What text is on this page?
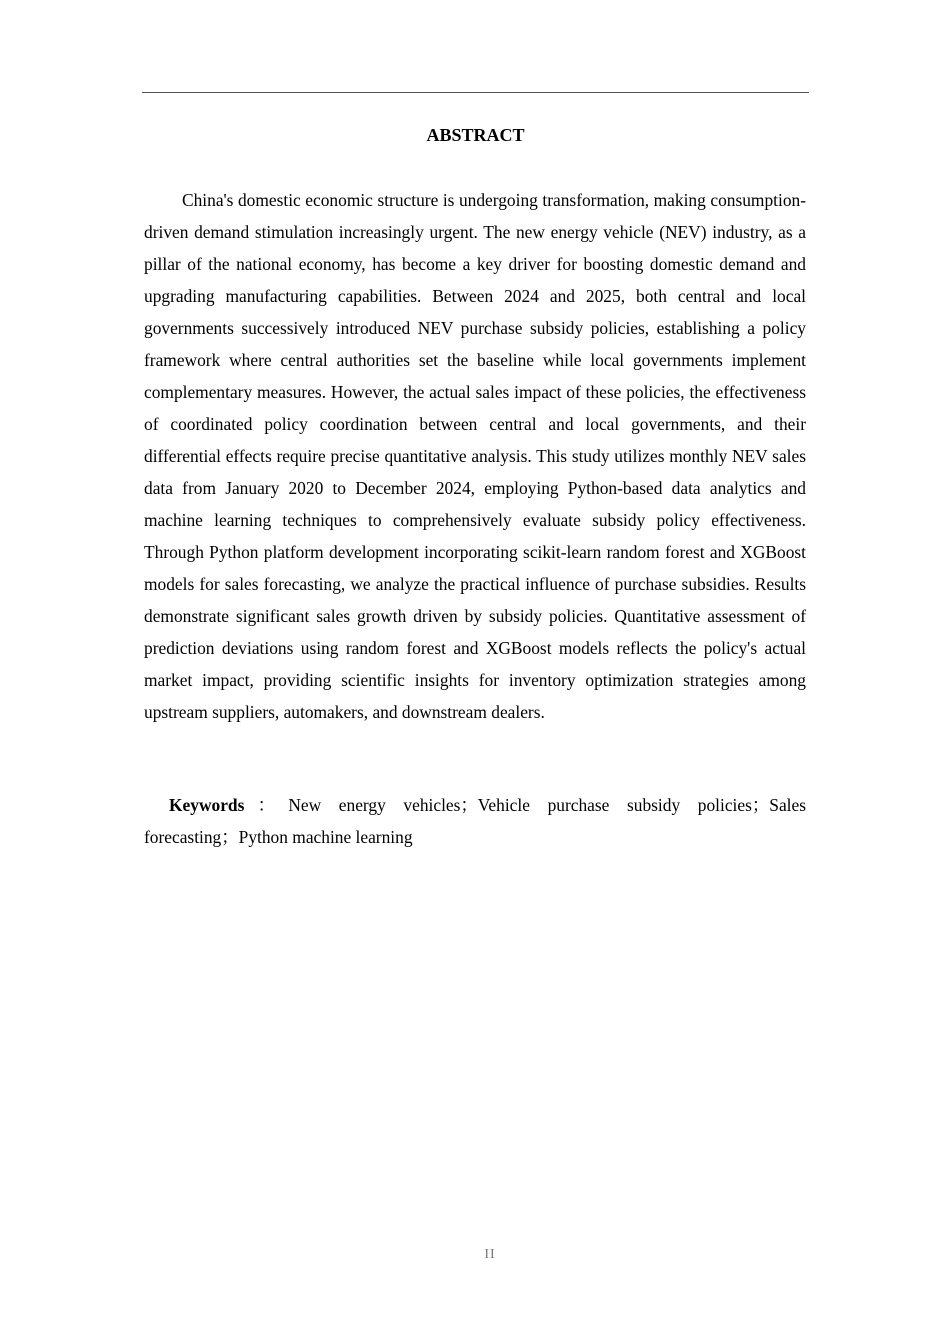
ABSTRACT

China's domestic economic structure is undergoing transformation, making consumption-driven demand stimulation increasingly urgent. The new energy vehicle (NEV) industry, as a pillar of the national economy, has become a key driver for boosting domestic demand and upgrading manufacturing capabilities. Between 2024 and 2025, both central and local governments successively introduced NEV purchase subsidy policies, establishing a policy framework where central authorities set the baseline while local governments implement complementary measures. However, the actual sales impact of these policies, the effectiveness of coordinated policy coordination between central and local governments, and their differential effects require precise quantitative analysis. This study utilizes monthly NEV sales data from January 2020 to December 2024, employing Python-based data analytics and machine learning techniques to comprehensively evaluate subsidy policy effectiveness. Through Python platform development incorporating scikit-learn random forest and XGBoost models for sales forecasting, we analyze the practical influence of purchase subsidies. Results demonstrate significant sales growth driven by subsidy policies. Quantitative assessment of prediction deviations using random forest and XGBoost models reflects the policy's actual market impact, providing scientific insights for inventory optimization strategies among upstream suppliers, automakers, and downstream dealers.

Keywords：New energy vehicles；Vehicle purchase subsidy policies；Sales forecasting；Python machine learning

II
